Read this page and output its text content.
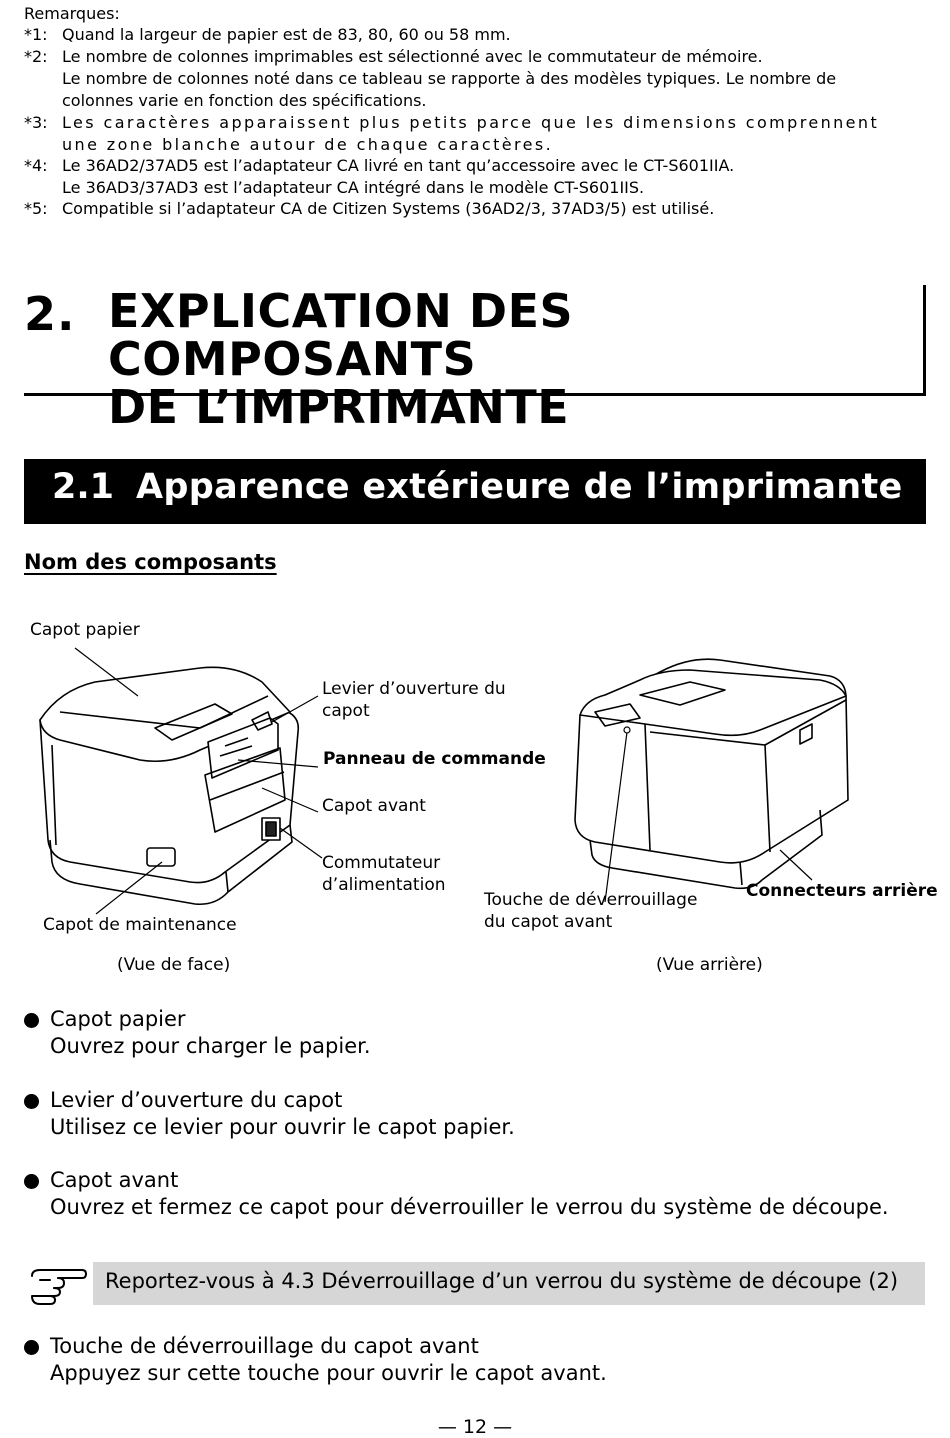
Remarques:
*1: Quand la largeur de papier est de 83, 80, 60 ou 58 mm.
*2: Le nombre de colonnes imprimables est sélectionné avec le commutateur de mémoire.
Le nombre de colonnes noté dans ce tableau se rapporte à des modèles typiques. Le nombre de
colonnes varie en fonction des spécifications.
*3: Les caractères apparaissent plus petits parce que les dimensions comprennent
une zone blanche autour de chaque caractères.
*4: Le 36AD2/37AD5 est l’adaptateur CA livré en tant qu’accessoire avec le CT-S601IIA.
Le 36AD3/37AD3 est l’adaptateur CA intégré dans le modèle CT-S601IIS.
*5: Compatible si l’adaptateur CA de Citizen Systems (36AD2/3, 37AD3/5) est utilisé.
2. EXPLICATION DES COMPOSANTS
DE L’IMPRIMANTE
2.1 Apparence extérieure de l’imprimante
Nom des composants
Capot papier
Levier d’ouverture du
capot
Panneau de commande
Capot avant
Commutateur
d’alimentation
Capot de maintenance
(Vue de face)
Touche de déverrouillage
du capot avant
Connecteurs arrière
(Vue arrière)
Capot papier
Ouvrez pour charger le papier.
Levier d’ouverture du capot
Utilisez ce levier pour ouvrir le capot papier.
Capot avant
Ouvrez et fermez ce capot pour déverrouiller le verrou du système de découpe.
Reportez-vous à 4.3 Déverrouillage d’un verrou du système de découpe (2)
Touche de déverrouillage du capot avant
Appuyez sur cette touche pour ouvrir le capot avant.
— 12 —
